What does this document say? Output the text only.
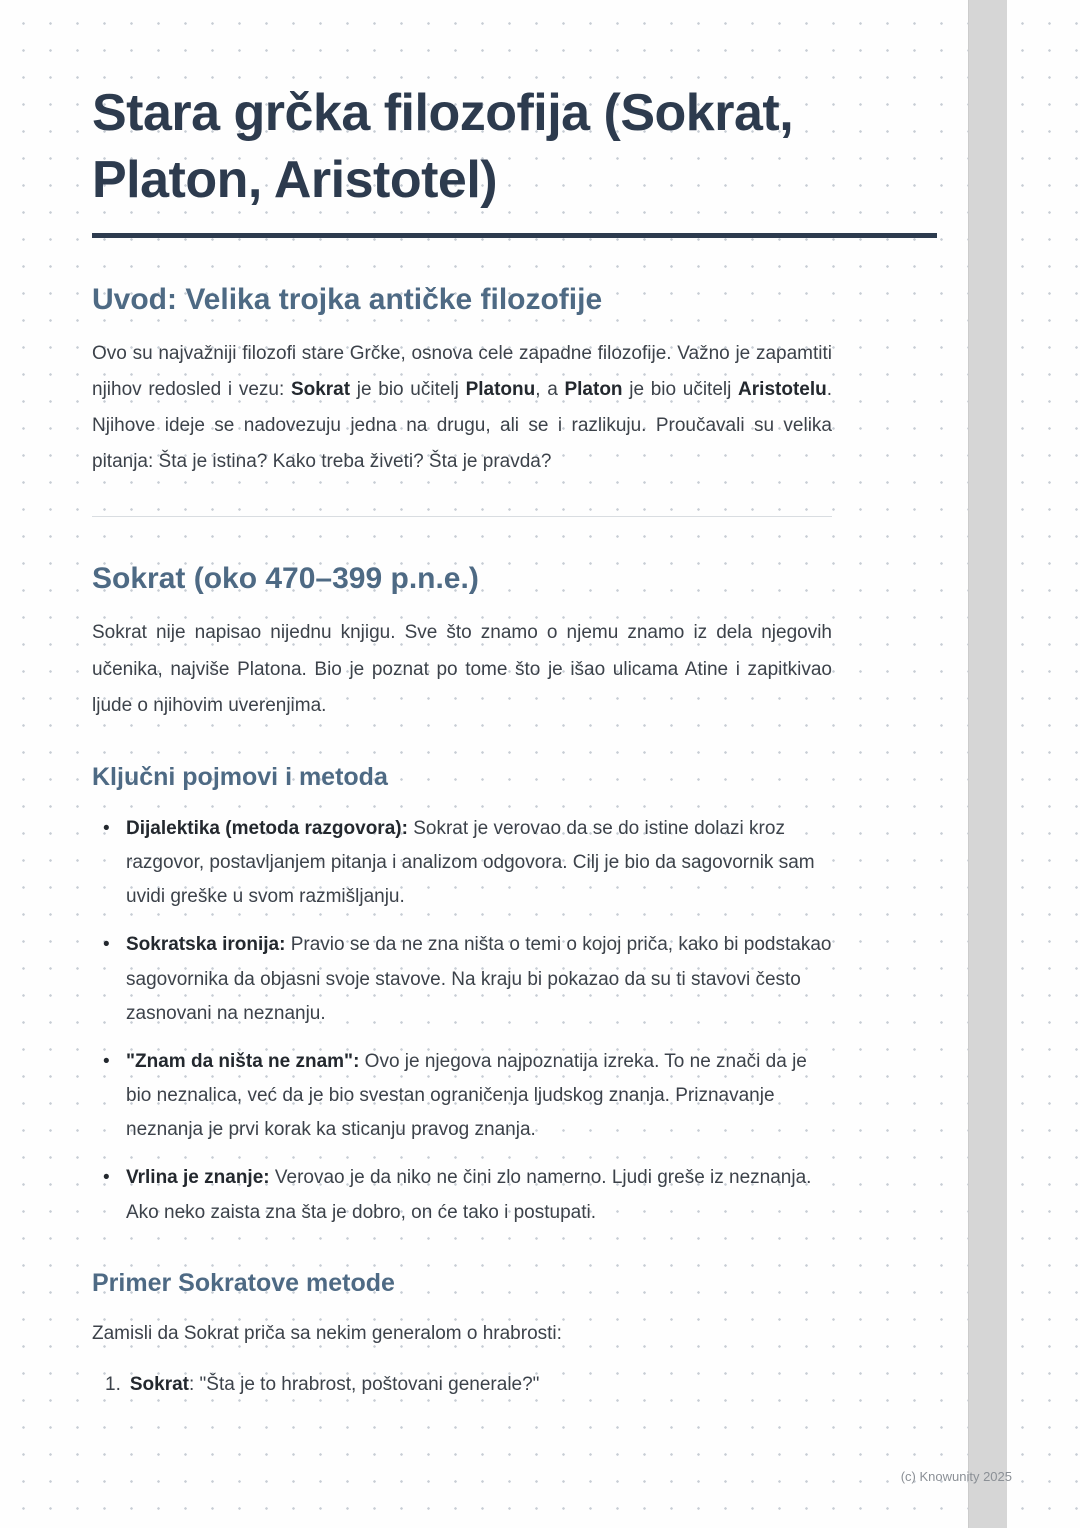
Stara grčka filozofija (Sokrat, Platon, Aristotel)
Uvod: Velika trojka antičke filozofije

Ovo su najvažniji filozofi stare Grčke, osnova cele zapadne filozofije. Važno je zapamtiti njihov redosled i vezu: Sokrat je bio učitelj Platonu, a Platon je bio učitelj Aristotelu. Njihove ideje se nadovezuju jedna na drugu, ali se i razlikuju. Proučavali su velika pitanja: Šta je istina? Kako treba živeti? Šta je pravda?

Sokrat (oko 470–399 p.n.e.)

Sokrat nije napisao nijednu knjigu. Sve što znamo o njemu znamo iz dela njegovih učenika, najviše Platona. Bio je poznat po tome što je išao ulicama Atine i zapitkivao ljude o njihovim uverenjima.

Ključni pojmovi i metoda
• Dijalektika (metoda razgovora): Sokrat je verovao da se do istine dolazi kroz razgovor, postavljanjem pitanja i analizom odgovora. Cilj je bio da sagovornik sam uvidi greške u svom razmišljanju.
• Sokratska ironija: Pravio se da ne zna ništa o temi o kojoj priča, kako bi podstakao sagovornika da objasni svoje stavove. Na kraju bi pokazao da su ti stavovi često zasnovani na neznanju.
• "Znam da ništa ne znam": Ovo je njegova najpoznatija izreka. To ne znači da je bio neznalica, već da je bio svestan ograničenja ljudskog znanja. Priznavanje neznanja je prvi korak ka sticanju pravog znanja.
• Vrlina je znanje: Verovao je da niko ne čini zlo namerno. Ljudi greše iz neznanja. Ako neko zaista zna šta je dobro, on će tako i postupati.
Primer Sokratove metode

Zamisli da Sokrat priča sa nekim generalom o hrabrosti:

1. Sokrat: "Šta je to hrabrost, poštovani generale?"
(c) Knowunity 2025
